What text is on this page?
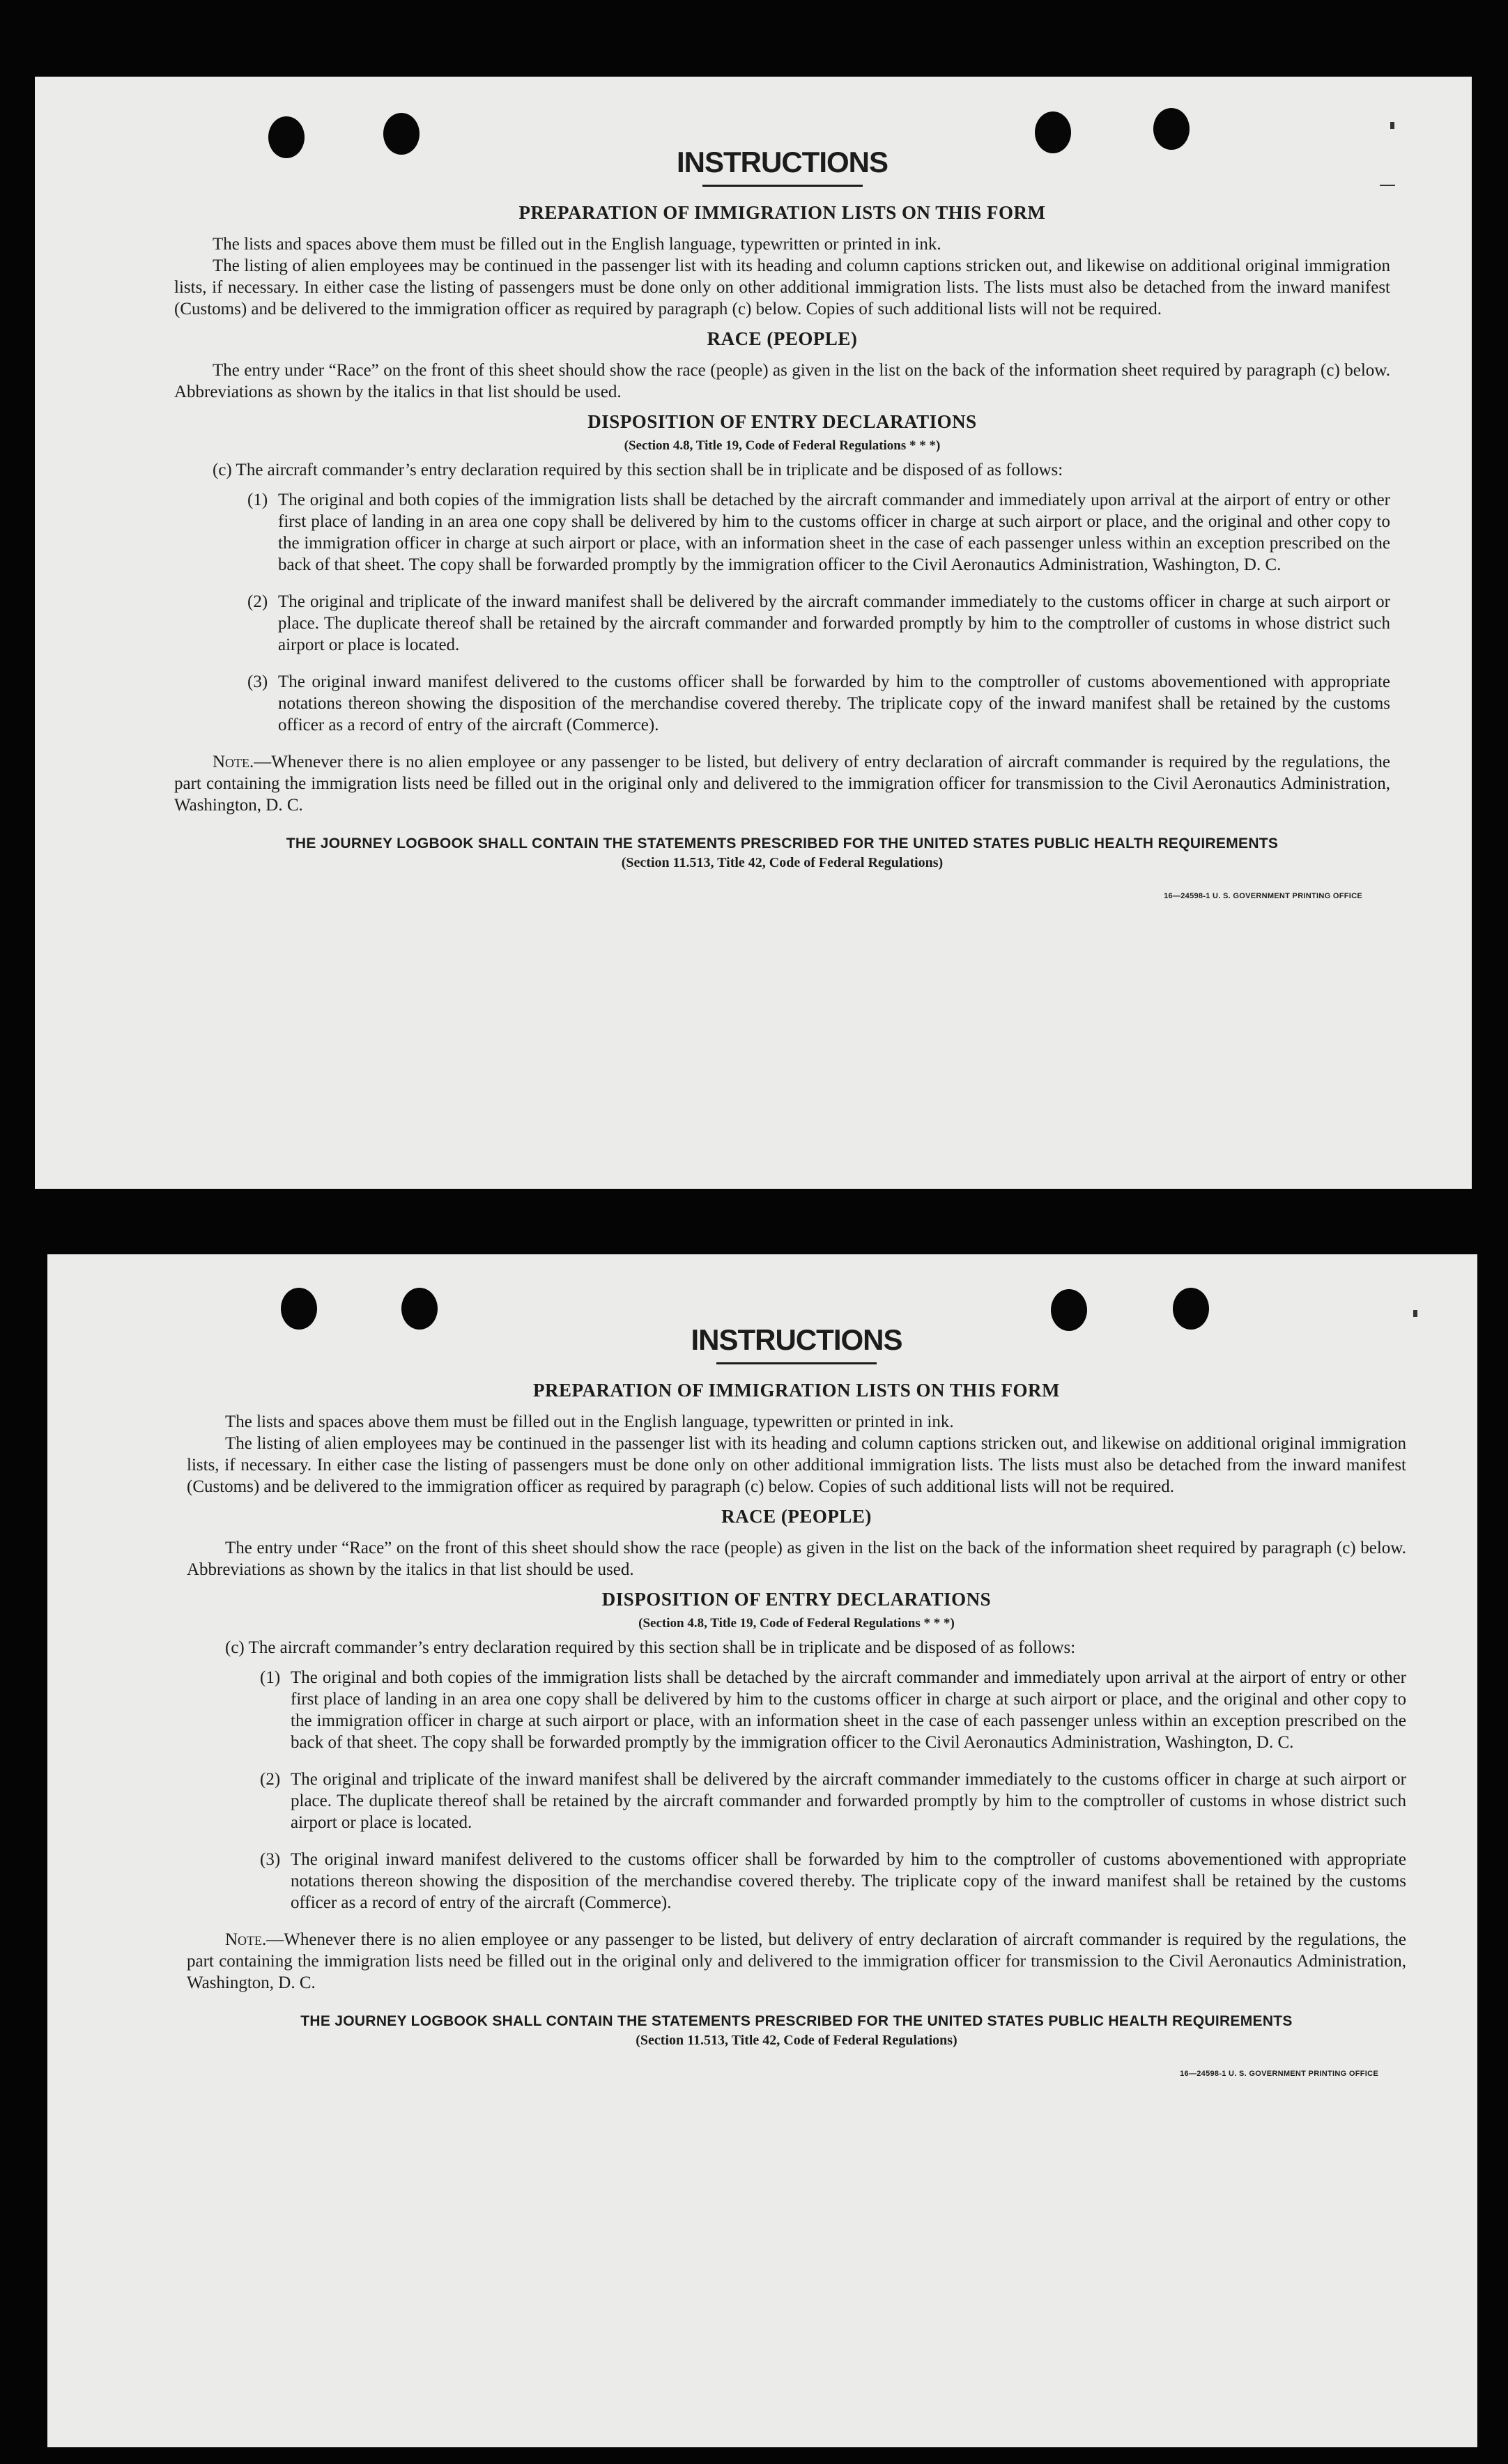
INSTRUCTIONS
PREPARATION OF IMMIGRATION LISTS ON THIS FORM

The lists and spaces above them must be filled out in the English language, typewritten or printed in ink.

The listing of alien employees may be continued in the passenger list with its heading and column captions stricken out, and likewise on additional original immigration lists, if necessary. In either case the listing of passengers must be done only on other additional immigration lists. The lists must also be detached from the inward manifest (Customs) and be delivered to the immigration officer as required by paragraph (c) below. Copies of such additional lists will not be required.

RACE (PEOPLE)

The entry under “Race” on the front of this sheet should show the race (people) as given in the list on the back of the information sheet required by paragraph (c) below. Abbreviations as shown by the italics in that list should be used.

DISPOSITION OF ENTRY DECLARATIONS
(Section 4.8, Title 19, Code of Federal Regulations * * *)

(c) The aircraft commander’s entry declaration required by this section shall be in triplicate and be disposed of as follows:

(1) The original and both copies of the immigration lists shall be detached by the aircraft commander and immediately upon arrival at the airport of entry or other first place of landing in an area one copy shall be delivered by him to the customs officer in charge at such airport or place, and the original and other copy to the immigration officer in charge at such airport or place, with an information sheet in the case of each passenger unless within an exception prescribed on the back of that sheet. The copy shall be forwarded promptly by the immigration officer to the Civil Aeronautics Administration, Washington, D. C.
(2) The original and triplicate of the inward manifest shall be delivered by the aircraft commander immediately to the customs officer in charge at such airport or place. The duplicate thereof shall be retained by the aircraft commander and forwarded promptly by him to the comptroller of customs in whose district such airport or place is located.
(3) The original inward manifest delivered to the customs officer shall be forwarded by him to the comptroller of customs abovementioned with appropriate notations thereon showing the disposition of the merchandise covered thereby. The triplicate copy of the inward manifest shall be retained by the customs officer as a record of entry of the aircraft (Commerce).

Note.—Whenever there is no alien employee or any passenger to be listed, but delivery of entry declaration of aircraft commander is required by the regulations, the part containing the immigration lists need be filled out in the original only and delivered to the immigration officer for transmission to the Civil Aeronautics Administration, Washington, D. C.

THE JOURNEY LOGBOOK SHALL CONTAIN THE STATEMENTS PRESCRIBED FOR THE UNITED STATES PUBLIC HEALTH REQUIREMENTS
(Section 11.513, Title 42, Code of Federal Regulations)
16—24598-1 U. S. GOVERNMENT PRINTING OFFICE
INSTRUCTIONS
PREPARATION OF IMMIGRATION LISTS ON THIS FORM

The lists and spaces above them must be filled out in the English language, typewritten or printed in ink.

The listing of alien employees may be continued in the passenger list with its heading and column captions stricken out, and likewise on additional original immigration lists, if necessary. In either case the listing of passengers must be done only on other additional immigration lists. The lists must also be detached from the inward manifest (Customs) and be delivered to the immigration officer as required by paragraph (c) below. Copies of such additional lists will not be required.

RACE (PEOPLE)

The entry under “Race” on the front of this sheet should show the race (people) as given in the list on the back of the information sheet required by paragraph (c) below. Abbreviations as shown by the italics in that list should be used.

DISPOSITION OF ENTRY DECLARATIONS
(Section 4.8, Title 19, Code of Federal Regulations * * *)

(c) The aircraft commander’s entry declaration required by this section shall be in triplicate and be disposed of as follows:

(1) The original and both copies of the immigration lists shall be detached by the aircraft commander and immediately upon arrival at the airport of entry or other first place of landing in an area one copy shall be delivered by him to the customs officer in charge at such airport or place, and the original and other copy to the immigration officer in charge at such airport or place, with an information sheet in the case of each passenger unless within an exception prescribed on the back of that sheet. The copy shall be forwarded promptly by the immigration officer to the Civil Aeronautics Administration, Washington, D. C.
(2) The original and triplicate of the inward manifest shall be delivered by the aircraft commander immediately to the customs officer in charge at such airport or place. The duplicate thereof shall be retained by the aircraft commander and forwarded promptly by him to the comptroller of customs in whose district such airport or place is located.
(3) The original inward manifest delivered to the customs officer shall be forwarded by him to the comptroller of customs abovementioned with appropriate notations thereon showing the disposition of the merchandise covered thereby. The triplicate copy of the inward manifest shall be retained by the customs officer as a record of entry of the aircraft (Commerce).

Note.—Whenever there is no alien employee or any passenger to be listed, but delivery of entry declaration of aircraft commander is required by the regulations, the part containing the immigration lists need be filled out in the original only and delivered to the immigration officer for transmission to the Civil Aeronautics Administration, Washington, D. C.

THE JOURNEY LOGBOOK SHALL CONTAIN THE STATEMENTS PRESCRIBED FOR THE UNITED STATES PUBLIC HEALTH REQUIREMENTS
(Section 11.513, Title 42, Code of Federal Regulations)
16—24598-1 U. S. GOVERNMENT PRINTING OFFICE
